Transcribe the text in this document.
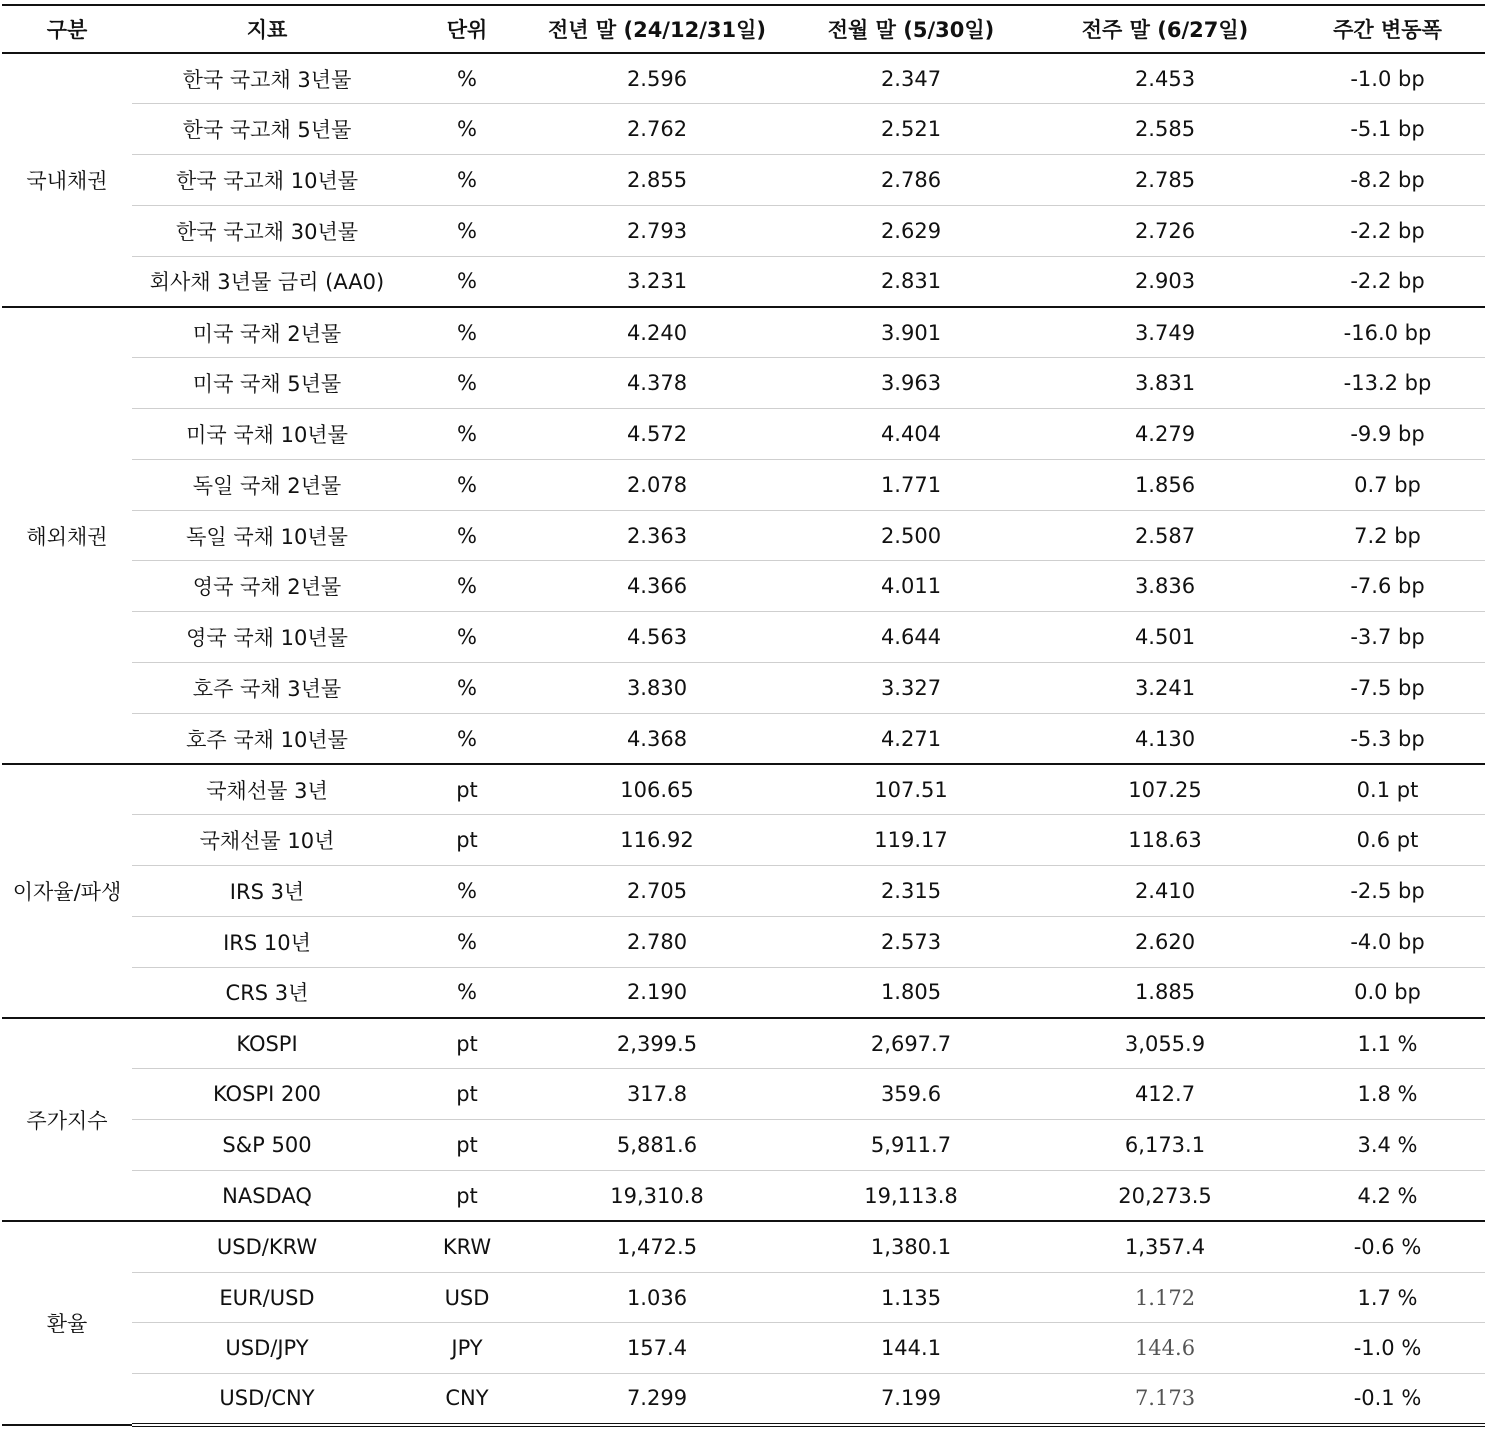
구분	지표	단위	전년 말 (24/12/31일)	전월 말 (5/30일)	전주 말 (6/27일)	주간 변동폭
국내채권	한국 국고채 3년물	%	2.596	2.347	2.453	-1.0 bp
	한국 국고채 5년물	%	2.762	2.521	2.585	-5.1 bp
	한국 국고채 10년물	%	2.855	2.786	2.785	-8.2 bp
	한국 국고채 30년물	%	2.793	2.629	2.726	-2.2 bp
	회사채 3년물 금리 (AA0)	%	3.231	2.831	2.903	-2.2 bp
해외채권	미국 국채 2년물	%	4.240	3.901	3.749	-16.0 bp
	미국 국채 5년물	%	4.378	3.963	3.831	-13.2 bp
	미국 국채 10년물	%	4.572	4.404	4.279	-9.9 bp
	독일 국채 2년물	%	2.078	1.771	1.856	0.7 bp
	독일 국채 10년물	%	2.363	2.500	2.587	7.2 bp
	영국 국채 2년물	%	4.366	4.011	3.836	-7.6 bp
	영국 국채 10년물	%	4.563	4.644	4.501	-3.7 bp
	호주 국채 3년물	%	3.830	3.327	3.241	-7.5 bp
	호주 국채 10년물	%	4.368	4.271	4.130	-5.3 bp
이자율/파생	국채선물 3년	pt	106.65	107.51	107.25	0.1 pt
	국채선물 10년	pt	116.92	119.17	118.63	0.6 pt
	IRS 3년	%	2.705	2.315	2.410	-2.5 bp
	IRS 10년	%	2.780	2.573	2.620	-4.0 bp
	CRS 3년	%	2.190	1.805	1.885	0.0 bp
주가지수	KOSPI	pt	2,399.5	2,697.7	3,055.9	1.1 %
	KOSPI 200	pt	317.8	359.6	412.7	1.8 %
	S&P 500	pt	5,881.6	5,911.7	6,173.1	3.4 %
	NASDAQ	pt	19,310.8	19,113.8	20,273.5	4.2 %
환율	USD/KRW	KRW	1,472.5	1,380.1	1,357.4	-0.6 %
	EUR/USD	USD	1.036	1.135	1.172	1.7 %
	USD/JPY	JPY	157.4	144.1	144.6	-1.0 %
	USD/CNY	CNY	7.299	7.199	7.173	-0.1 %
